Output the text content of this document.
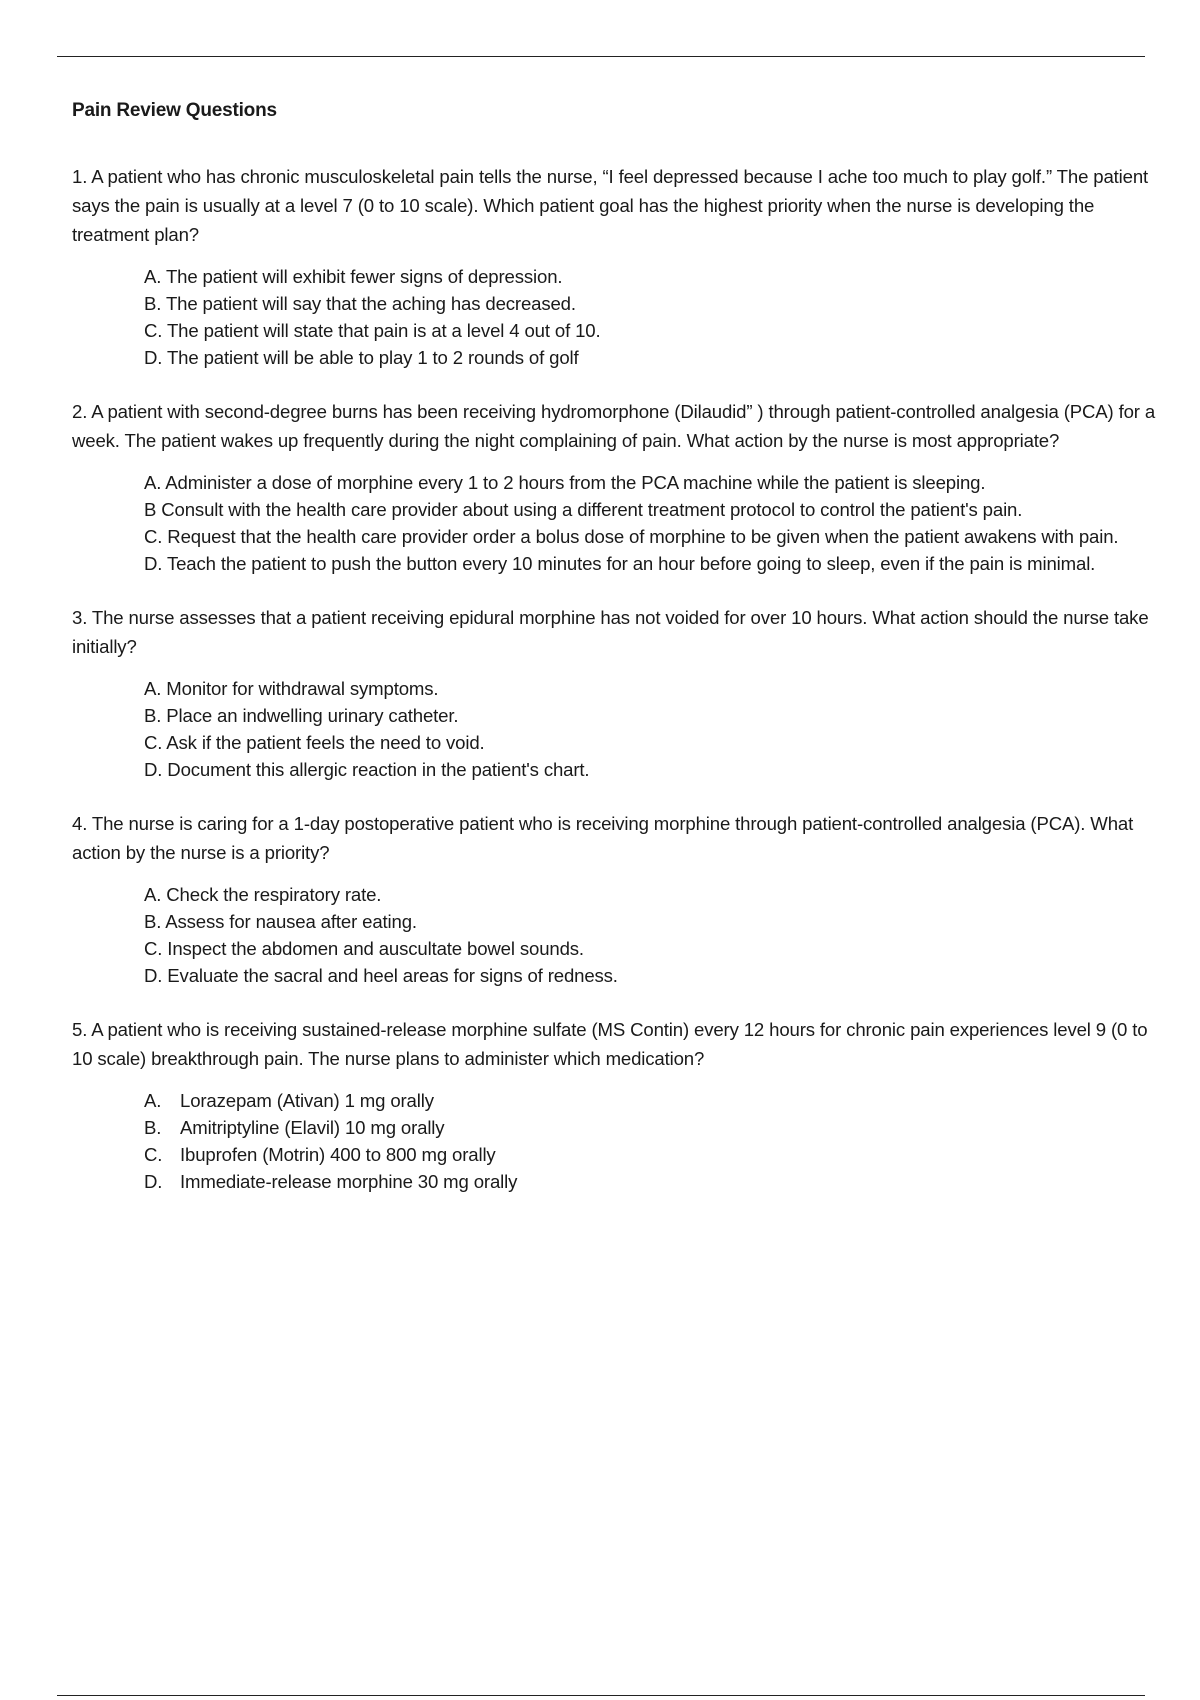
Pain Review Questions

1. A patient who has chronic musculoskeletal pain tells the nurse, “I feel depressed because I ache too much to play golf.” The patient says the pain is usually at a level 7 (0 to 10 scale). Which patient goal has the highest priority when the nurse is developing the treatment plan?

A. The patient will exhibit fewer signs of depression.
B. The patient will say that the aching has decreased.
C. The patient will state that pain is at a level 4 out of 10.
D. The patient will be able to play 1 to 2 rounds of golf

2. A patient with second-degree burns has been receiving hydromorphone (Dilaudid” ) through patient-controlled analgesia (PCA) for a week. The patient wakes up frequently during the night complaining of pain. What action by the nurse is most appropriate?

A. Administer a dose of morphine every 1 to 2 hours from the PCA machine while the patient is sleeping.
B Consult with the health care provider about using a different treatment protocol to control the patient's pain.
C. Request that the health care provider order a bolus dose of morphine to be given when the patient awakens with pain.
D. Teach the patient to push the button every 10 minutes for an hour before going to sleep, even if the pain is minimal.

3. The nurse assesses that a patient receiving epidural morphine has not voided for over 10 hours. What action should the nurse take initially?

A. Monitor for withdrawal symptoms.
B. Place an indwelling urinary catheter.
C. Ask if the patient feels the need to void.
D. Document this allergic reaction in the patient's chart.

4. The nurse is caring for a 1-day postoperative patient who is receiving morphine through patient-controlled analgesia (PCA). What action by the nurse is a priority?

A. Check the respiratory rate.
B. Assess for nausea after eating.
C. Inspect the abdomen and auscultate bowel sounds.
D. Evaluate the sacral and heel areas for signs of redness.

5. A patient who is receiving sustained-release morphine sulfate (MS Contin) every 12 hours for chronic pain experiences level 9 (0 to 10 scale) breakthrough pain. The nurse plans to administer which medication?

A.	Lorazepam (Ativan) 1 mg orally
B.	Amitriptyline (Elavil) 10 mg orally
C. Ibuprofen (Motrin) 400 to 800 mg orally
D. Immediate-release morphine 30 mg orally
